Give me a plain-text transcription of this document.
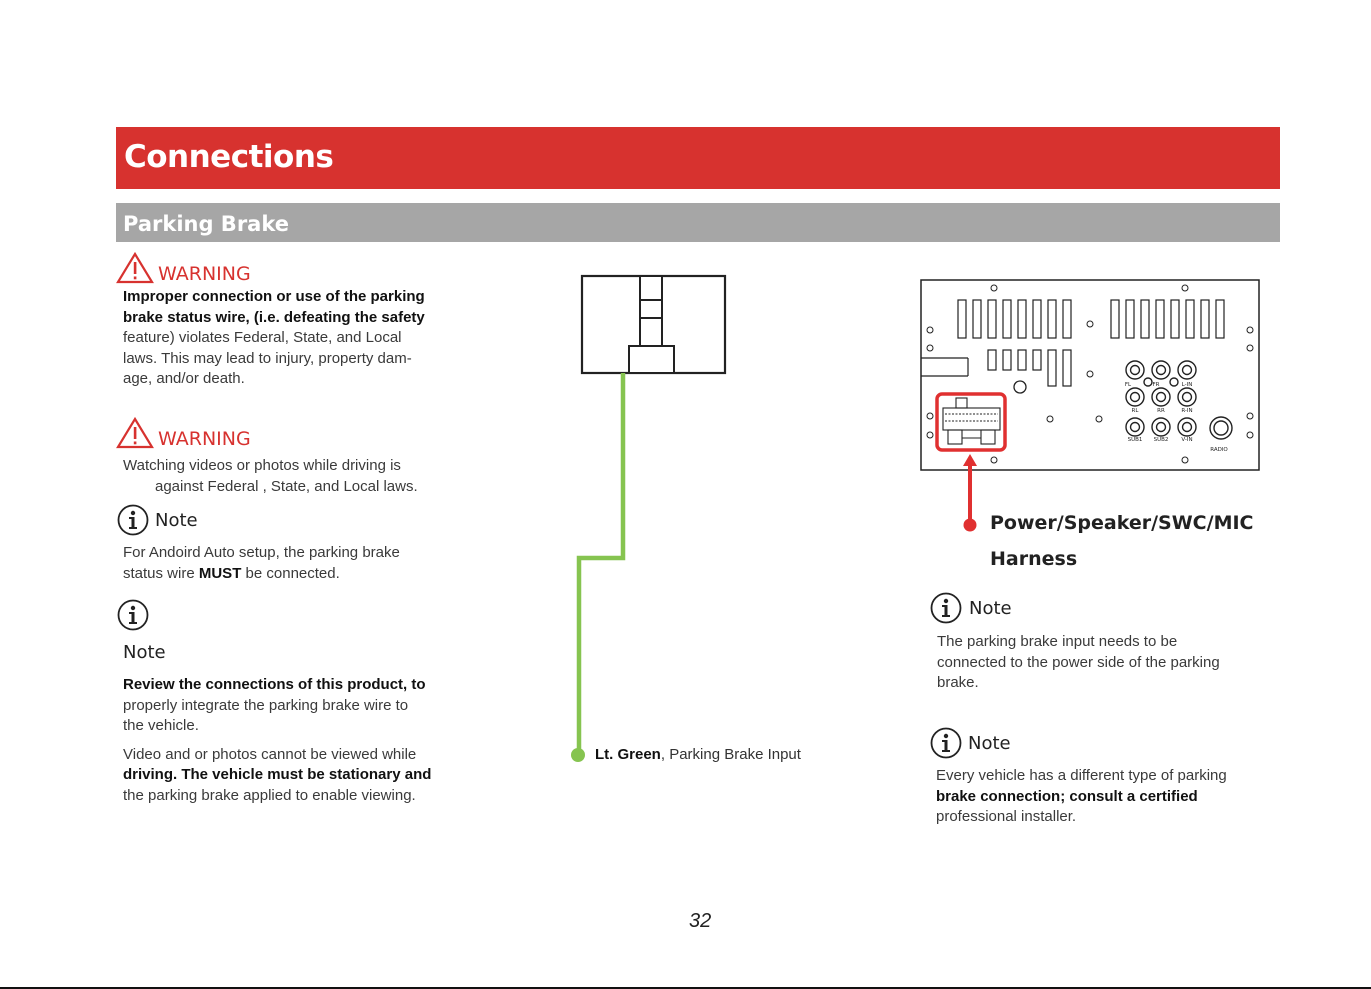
Connections
Parking Brake
WARNING
Improper connection or use of the parking
brake status wire, (i.e. defeating the safety
feature) violates Federal, State, and Local
laws. This may lead to injury, property dam-
age, and/or death.
WARNING
Watching videos or photos while driving is
against Federal , State, and Local laws.
Note
For Andoird Auto setup, the parking brake
status wire MUST be connected.
Note
Review the connections of this product, to
properly integrate the parking brake wire to
the vehicle.
Video and or photos cannot be viewed while
driving. The vehicle must be stationary and
the parking brake applied to enable viewing.
Lt. Green, Parking Brake Input
FL	FR	L-IN
RL	RR	R-IN
SUB1 SUB2 V-IN
RADIO
Power/Speaker/SWC/MIC
Harness
Note
The parking brake input needs to be
connected to the power side of the parking
brake.
Note
Every vehicle has a different type of parking
brake connection; consult a certified
professional installer.
32
